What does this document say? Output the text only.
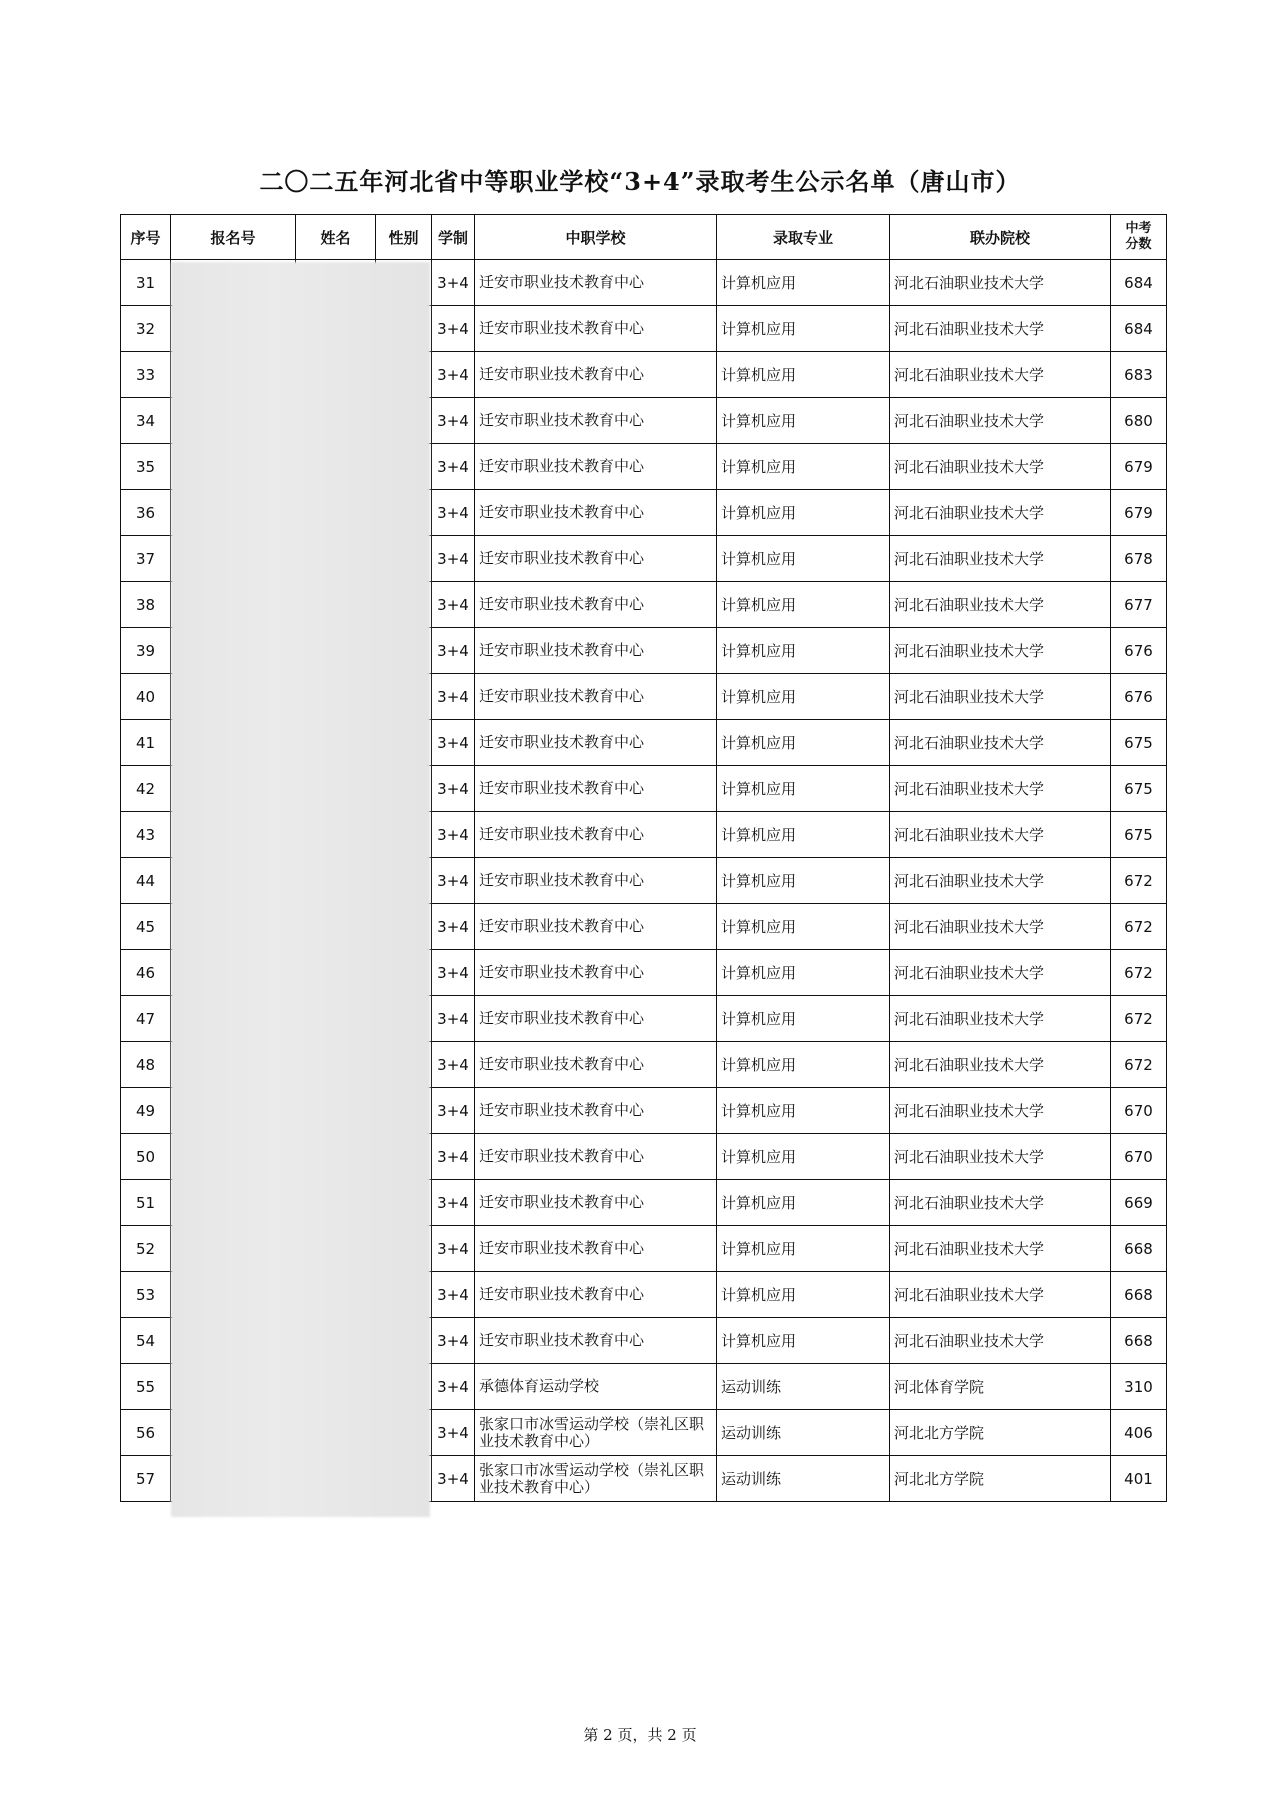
二〇二五年河北省中等职业学校“3+4”录取考生公示名单（唐山市）
序号	报名号	姓名	性别	学制	中职学校	录取专业	联办院校	中考分数
31				3+4	迁安市职业技术教育中心	计算机应用	河北石油职业技术大学	684
32				3+4	迁安市职业技术教育中心	计算机应用	河北石油职业技术大学	684
33				3+4	迁安市职业技术教育中心	计算机应用	河北石油职业技术大学	683
34				3+4	迁安市职业技术教育中心	计算机应用	河北石油职业技术大学	680
35				3+4	迁安市职业技术教育中心	计算机应用	河北石油职业技术大学	679
36				3+4	迁安市职业技术教育中心	计算机应用	河北石油职业技术大学	679
37				3+4	迁安市职业技术教育中心	计算机应用	河北石油职业技术大学	678
38				3+4	迁安市职业技术教育中心	计算机应用	河北石油职业技术大学	677
39				3+4	迁安市职业技术教育中心	计算机应用	河北石油职业技术大学	676
40				3+4	迁安市职业技术教育中心	计算机应用	河北石油职业技术大学	676
41				3+4	迁安市职业技术教育中心	计算机应用	河北石油职业技术大学	675
42				3+4	迁安市职业技术教育中心	计算机应用	河北石油职业技术大学	675
43				3+4	迁安市职业技术教育中心	计算机应用	河北石油职业技术大学	675
44				3+4	迁安市职业技术教育中心	计算机应用	河北石油职业技术大学	672
45				3+4	迁安市职业技术教育中心	计算机应用	河北石油职业技术大学	672
46				3+4	迁安市职业技术教育中心	计算机应用	河北石油职业技术大学	672
47				3+4	迁安市职业技术教育中心	计算机应用	河北石油职业技术大学	672
48				3+4	迁安市职业技术教育中心	计算机应用	河北石油职业技术大学	672
49				3+4	迁安市职业技术教育中心	计算机应用	河北石油职业技术大学	670
50				3+4	迁安市职业技术教育中心	计算机应用	河北石油职业技术大学	670
51				3+4	迁安市职业技术教育中心	计算机应用	河北石油职业技术大学	669
52				3+4	迁安市职业技术教育中心	计算机应用	河北石油职业技术大学	668
53				3+4	迁安市职业技术教育中心	计算机应用	河北石油职业技术大学	668
54				3+4	迁安市职业技术教育中心	计算机应用	河北石油职业技术大学	668
55				3+4	承德体育运动学校	运动训练	河北体育学院	310
56				3+4	张家口市冰雪运动学校（崇礼区职业技术教育中心）	运动训练	河北北方学院	406
57				3+4	张家口市冰雪运动学校（崇礼区职业技术教育中心）	运动训练	河北北方学院	401
第 2 页，共 2 页
